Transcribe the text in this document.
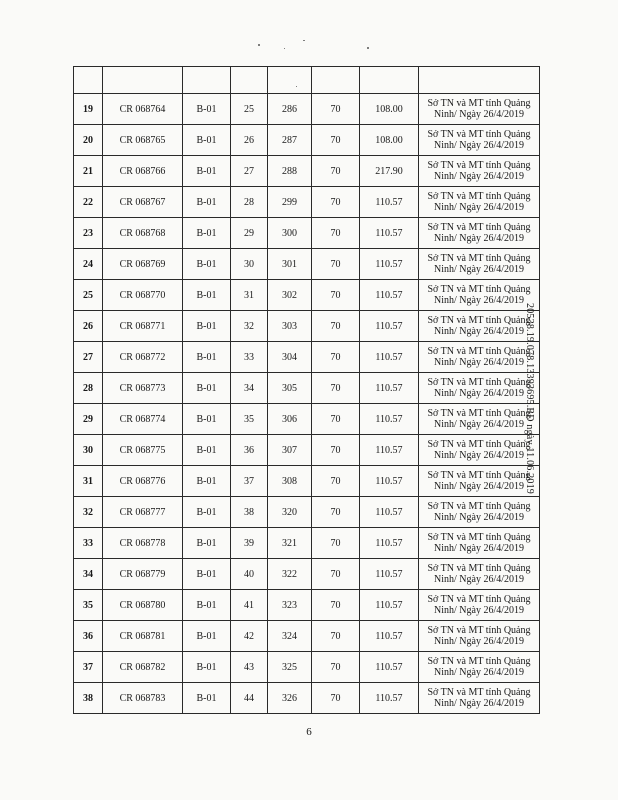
19	CR 068764	B-01	25	286	70	108.00	Sở TN và MT tỉnh Quảng
Ninh/ Ngày 26/4/2019

20	CR 068765	B-01	26	287	70	108.00	Sở TN và MT tỉnh Quảng
Ninh/ Ngày 26/4/2019

21	CR 068766	B-01	27	288	70	217.90	Sở TN và MT tỉnh Quảng
Ninh/ Ngày 26/4/2019

22	CR 068767	B-01	28	299	70	110.57	Sở TN và MT tỉnh Quảng
Ninh/ Ngày 26/4/2019

23	CR 068768	B-01	29	300	70	110.57	Sở TN và MT tỉnh Quảng
Ninh/ Ngày 26/4/2019

24	CR 068769	B-01	30	301	70	110.57	Sở TN và MT tỉnh Quảng
Ninh/ Ngày 26/4/2019

25	CR 068770	B-01	31	302	70	110.57	Sở TN và MT tỉnh Quảng
Ninh/ Ngày 26/4/2019

26	CR 068771	B-01	32	303	70	110.57	Sở TN và MT tỉnh Quảng
Ninh/ Ngày 26/4/2019

27	CR 068772	B-01	33	304	70	110.57	Sở TN và MT tỉnh Quảng
Ninh/ Ngày 26/4/2019

28	CR 068773	B-01	34	305	70	110.57	Sở TN và MT tỉnh Quảng
Ninh/ Ngày 26/4/2019

29	CR 068774	B-01	35	306	70	110.57	Sở TN và MT tỉnh Quảng
Ninh/ Ngày 26/4/2019

30	CR 068775	B-01	36	307	70	110.57	Sở TN và MT tỉnh Quảng
Ninh/ Ngày 26/4/2019

31	CR 068776	B-01	37	308	70	110.57	Sở TN và MT tỉnh Quảng
Ninh/ Ngày 26/4/2019

32	CR 068777	B-01	38	320	70	110.57	Sở TN và MT tỉnh Quảng
Ninh/ Ngày 26/4/2019

33	CR 068778	B-01	39	321	70	110.57	Sở TN và MT tỉnh Quảng
Ninh/ Ngày 26/4/2019

34	CR 068779	B-01	40	322	70	110.57	Sở TN và MT tỉnh Quảng
Ninh/ Ngày 26/4/2019

35	CR 068780	B-01	41	323	70	110.57	Sở TN và MT tỉnh Quảng
Ninh/ Ngày 26/4/2019

36	CR 068781	B-01	42	324	70	110.57	Sở TN và MT tỉnh Quảng
Ninh/ Ngày 26/4/2019

37	CR 068782	B-01	43	325	70	110.57	Sở TN và MT tỉnh Quảng
Ninh/ Ngày 26/4/2019

38	CR 068783	B-01	44	326	70	110.57	Sở TN và MT tỉnh Quảng
Ninh/ Ngày 26/4/2019
20538.19.078.13393695.BĐ ngày 11.06.2019
6
